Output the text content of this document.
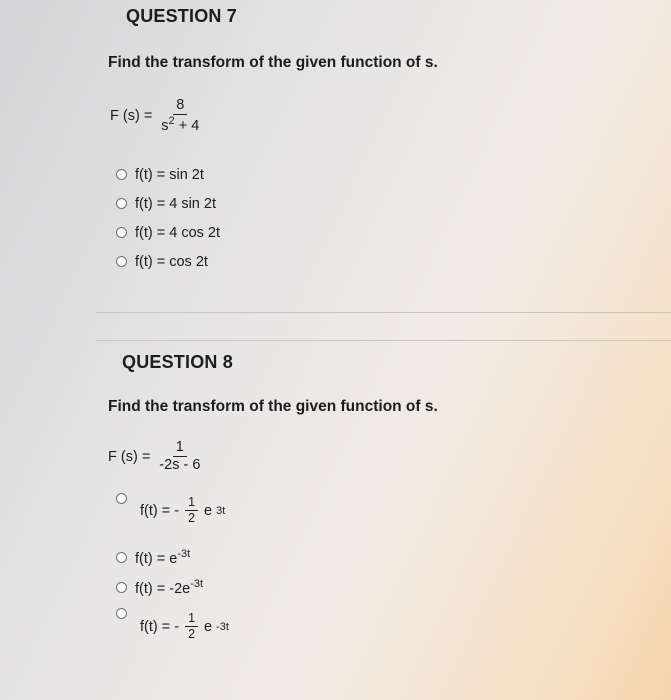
QUESTION 7
Find the transform of the given function of s.
F $(s) = \frac{8}{s^2 + 4}$
f(t) = sin 2t
f(t) = 4 sin 2t
f(t) = 4 cos 2t
f(t) = cos 2t
QUESTION 8
Find the transform of the given function of s.
F $(s) = \frac{1}{-2s - 6}$
f(t) = - $\frac{1}{2}$ e 3t
$f(t) = e^{-3t}$
$f(t) = -2e^{-3t}$
f(t) = - $\frac{1}{2}$ e -3t
